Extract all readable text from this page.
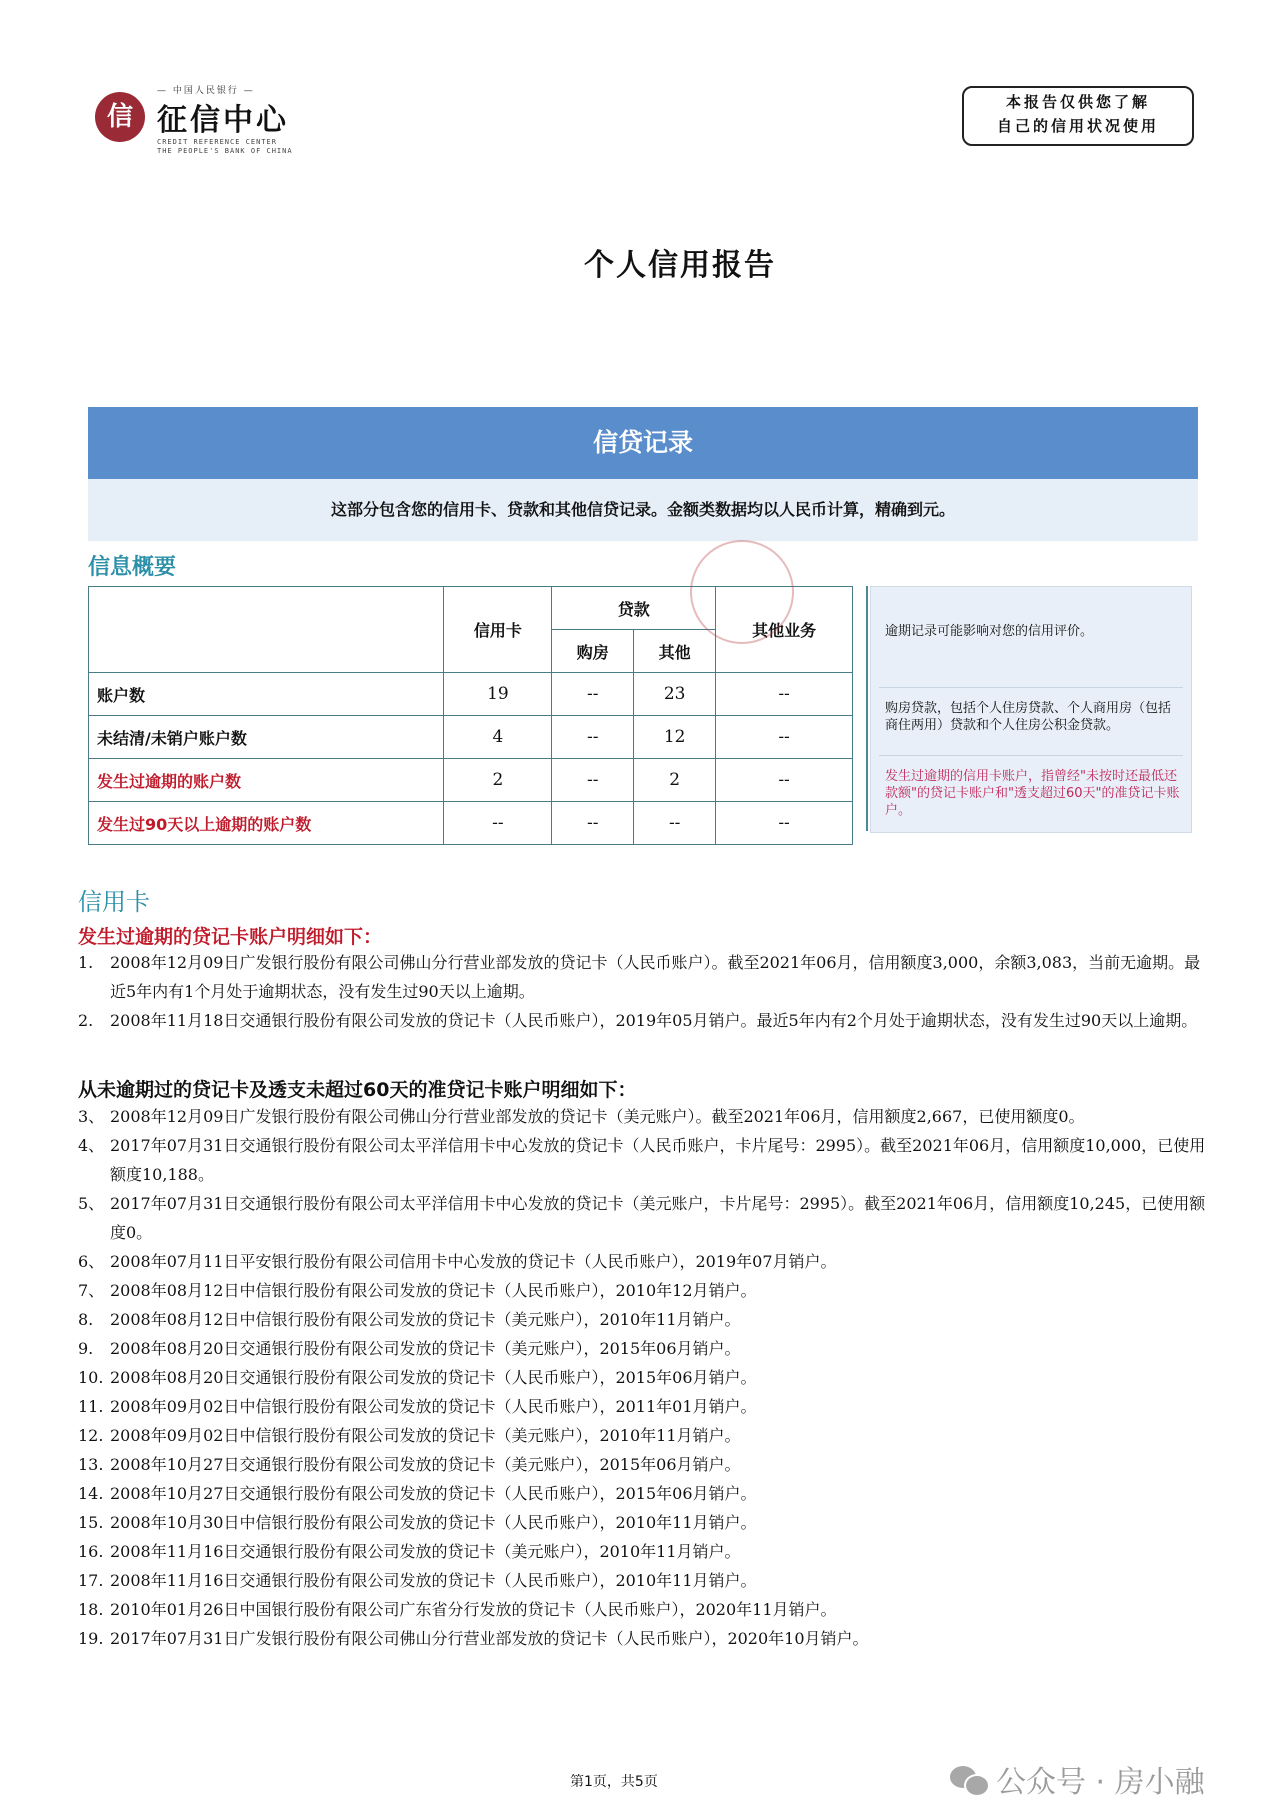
信
— 中国人民银行 —
征信中心
CREDIT REFERENCE CENTER
THE PEOPLE'S BANK OF CHINA
本报告仅供您了解
自己的信用状况使用
个人信用报告
信贷记录
这部分包含您的信用卡、贷款和其他信贷记录。金额类数据均以人民币计算，精确到元。
信息概要
	信用卡	贷款		其他业务
		购房	其他	
账户数	19	--	23	--
未结清/未销户账户数	4	--	12	--
发生过逾期的账户数	2	--	2	--
发生过90天以上逾期的账户数	--	--	--	--
逾期记录可能影响对您的信用评价。
购房贷款，包括个人住房贷款、个人商用房（包括商住两用）贷款和个人住房公积金贷款。
发生过逾期的信用卡账户，指曾经"未按时还最低还款额"的贷记卡账户和"透支超过60天"的准贷记卡账户。
信用卡
发生过逾期的贷记卡账户明细如下：
1. 2008年12月09日广发银行股份有限公司佛山分行营业部发放的贷记卡（人民币账户）。截至2021年06月，信用额度3,000，余额3,083，当前无逾期。最近5年内有1个月处于逾期状态，没有发生过90天以上逾期。
2. 2008年11月18日交通银行股份有限公司发放的贷记卡（人民币账户），2019年05月销户。最近5年内有2个月处于逾期状态，没有发生过90天以上逾期。
从未逾期过的贷记卡及透支未超过60天的准贷记卡账户明细如下：
3、 2008年12月09日广发银行股份有限公司佛山分行营业部发放的贷记卡（美元账户）。截至2021年06月，信用额度2,667，已使用额度0。
4、 2017年07月31日交通银行股份有限公司太平洋信用卡中心发放的贷记卡（人民币账户，卡片尾号：2995）。截至2021年06月，信用额度10,000，已使用额度10,188。
5、 2017年07月31日交通银行股份有限公司太平洋信用卡中心发放的贷记卡（美元账户，卡片尾号：2995）。截至2021年06月，信用额度10,245，已使用额度0。
6、 2008年07月11日平安银行股份有限公司信用卡中心发放的贷记卡（人民币账户），2019年07月销户。
7、 2008年08月12日中信银行股份有限公司发放的贷记卡（人民币账户），2010年12月销户。
8. 2008年08月12日中信银行股份有限公司发放的贷记卡（美元账户），2010年11月销户。
9. 2008年08月20日交通银行股份有限公司发放的贷记卡（美元账户），2015年06月销户。
10. 2008年08月20日交通银行股份有限公司发放的贷记卡（人民币账户），2015年06月销户。
11. 2008年09月02日中信银行股份有限公司发放的贷记卡（人民币账户），2011年01月销户。
12. 2008年09月02日中信银行股份有限公司发放的贷记卡（美元账户），2010年11月销户。
13. 2008年10月27日交通银行股份有限公司发放的贷记卡（美元账户），2015年06月销户。
14. 2008年10月27日交通银行股份有限公司发放的贷记卡（人民币账户），2015年06月销户。
15. 2008年10月30日中信银行股份有限公司发放的贷记卡（人民币账户），2010年11月销户。
16. 2008年11月16日交通银行股份有限公司发放的贷记卡（美元账户），2010年11月销户。
17. 2008年11月16日交通银行股份有限公司发放的贷记卡（人民币账户），2010年11月销户。
18. 2010年01月26日中国银行股份有限公司广东省分行发放的贷记卡（人民币账户），2020年11月销户。
19. 2017年07月31日广发银行股份有限公司佛山分行营业部发放的贷记卡（人民币账户），2020年10月销户。
第1页，共5页	公众号 · 房小融
